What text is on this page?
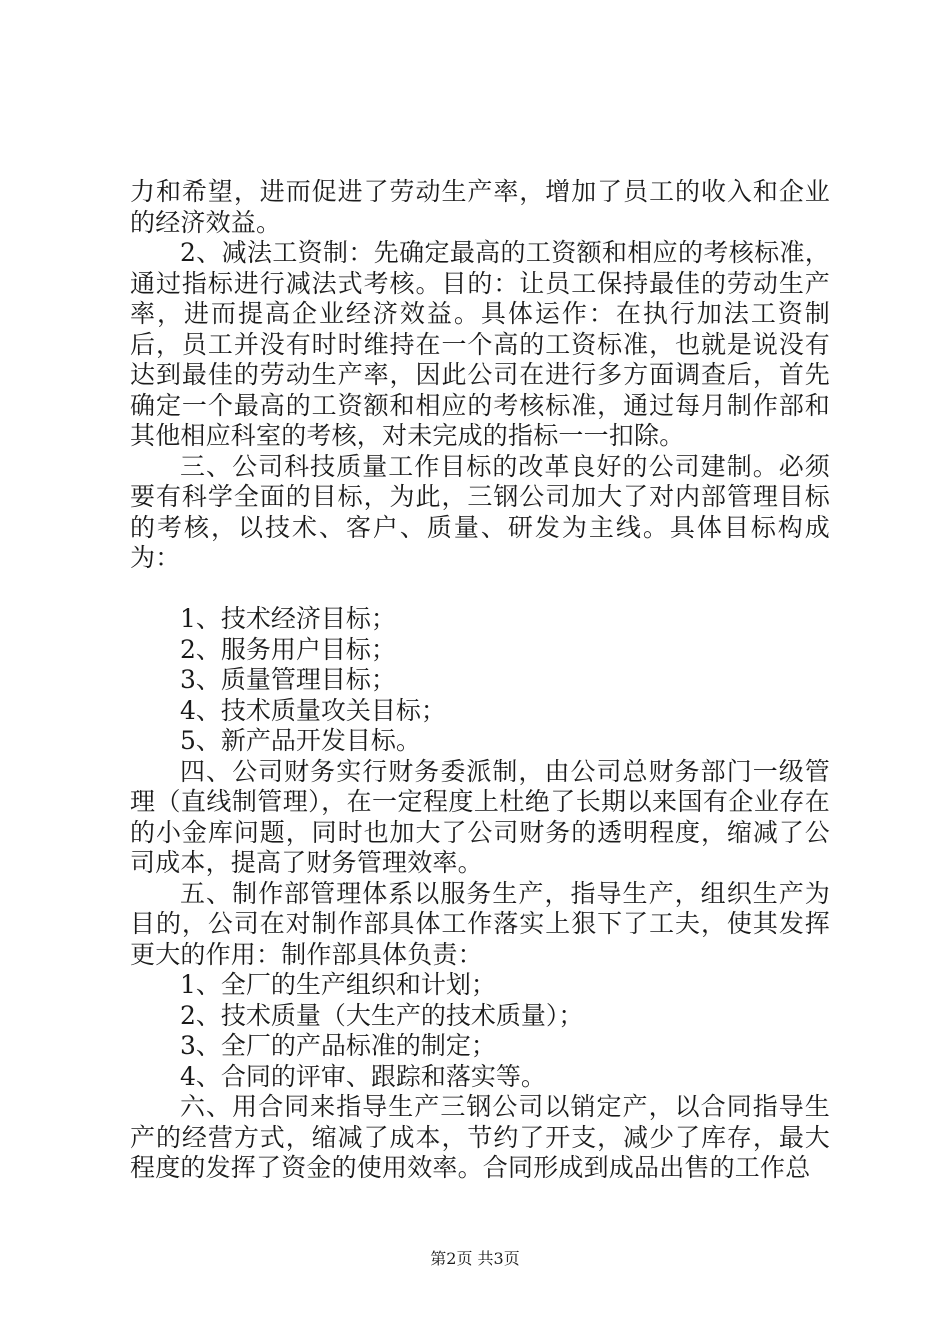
力和希望，进而促进了劳动生产率，增加了员工的收入和企业的经济效益。

2、减法工资制：先确定最高的工资额和相应的考核标准，通过指标进行减法式考核。目的：让员工保持最佳的劳动生产率，进而提高企业经济效益。具体运作：在执行加法工资制后，员工并没有时时维持在一个高的工资标准，也就是说没有达到最佳的劳动生产率，因此公司在进行多方面调查后，首先确定一个最高的工资额和相应的考核标准，通过每月制作部和其他相应科室的考核，对未完成的指标一一扣除。

三、公司科技质量工作目标的改革良好的公司建制。必须要有科学全面的目标，为此，三钢公司加大了对内部管理目标的考核，以技术、客户、质量、研发为主线。具体目标构成为：

1、技术经济目标；

2、服务用户目标；

3、质量管理目标；

4、技术质量攻关目标；

5、新产品开发目标。

四、公司财务实行财务委派制，由公司总财务部门一级管理（直线制管理），在一定程度上杜绝了长期以来国有企业存在的小金库问题，同时也加大了公司财务的透明程度，缩减了公司成本，提高了财务管理效率。

五、制作部管理体系以服务生产，指导生产，组织生产为目的，公司在对制作部具体工作落实上狠下了工夫，使其发挥更大的作用：制作部具体负责：

1、全厂的生产组织和计划；

2、技术质量（大生产的技术质量）；

3、全厂的产品标准的制定；

4、合同的评审、跟踪和落实等。

六、用合同来指导生产三钢公司以销定产，以合同指导生产的经营方式，缩减了成本，节约了开支，减少了库存，最大程度的发挥了资金的使用效率。合同形成到成品出售的工作总

第2页 共3页
